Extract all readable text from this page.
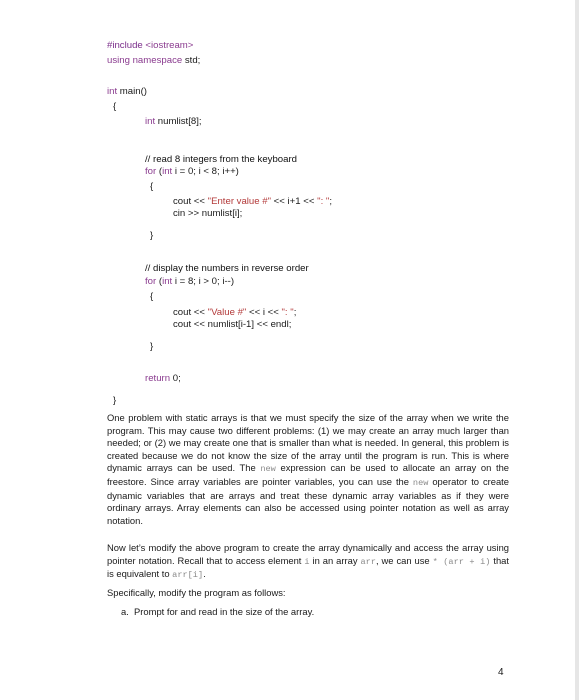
#include <iostream>
using namespace std;
int main()
{
int numlist[8];
// read 8 integers from the keyboard
for (int i = 0; i < 8; i++)
{
cout << "Enter value #" << i+1 << ": ";
cin >> numlist[i];
}
// display the numbers in reverse order
for (int i = 8; i > 0; i--)
{
cout << "Value #" << i << ": ";
cout << numlist[i-1] << endl;
}
return 0;
}

One problem with static arrays is that we must specify the size of the array when we write the program. This may cause two different problems: (1) we may create an array much larger than needed; or (2) we may create one that is smaller than what is needed. In general, this problem is created because we do not know the size of the array until the program is run. This is where dynamic arrays can be used. The new expression can be used to allocate an array on the freestore. Since array variables are pointer variables, you can use the new operator to create dynamic variables that are arrays and treat these dynamic array variables as if they were ordinary arrays. Array elements can also be accessed using pointer notation as well as array notation.

Now let’s modify the above program to create the array dynamically and access the array using pointer notation. Recall that to access element i in an array arr, we can use * (arr + i) that is equivalent to arr[i].

Specifically, modify the program as follows:

a. Prompt for and read in the size of the array.
4
